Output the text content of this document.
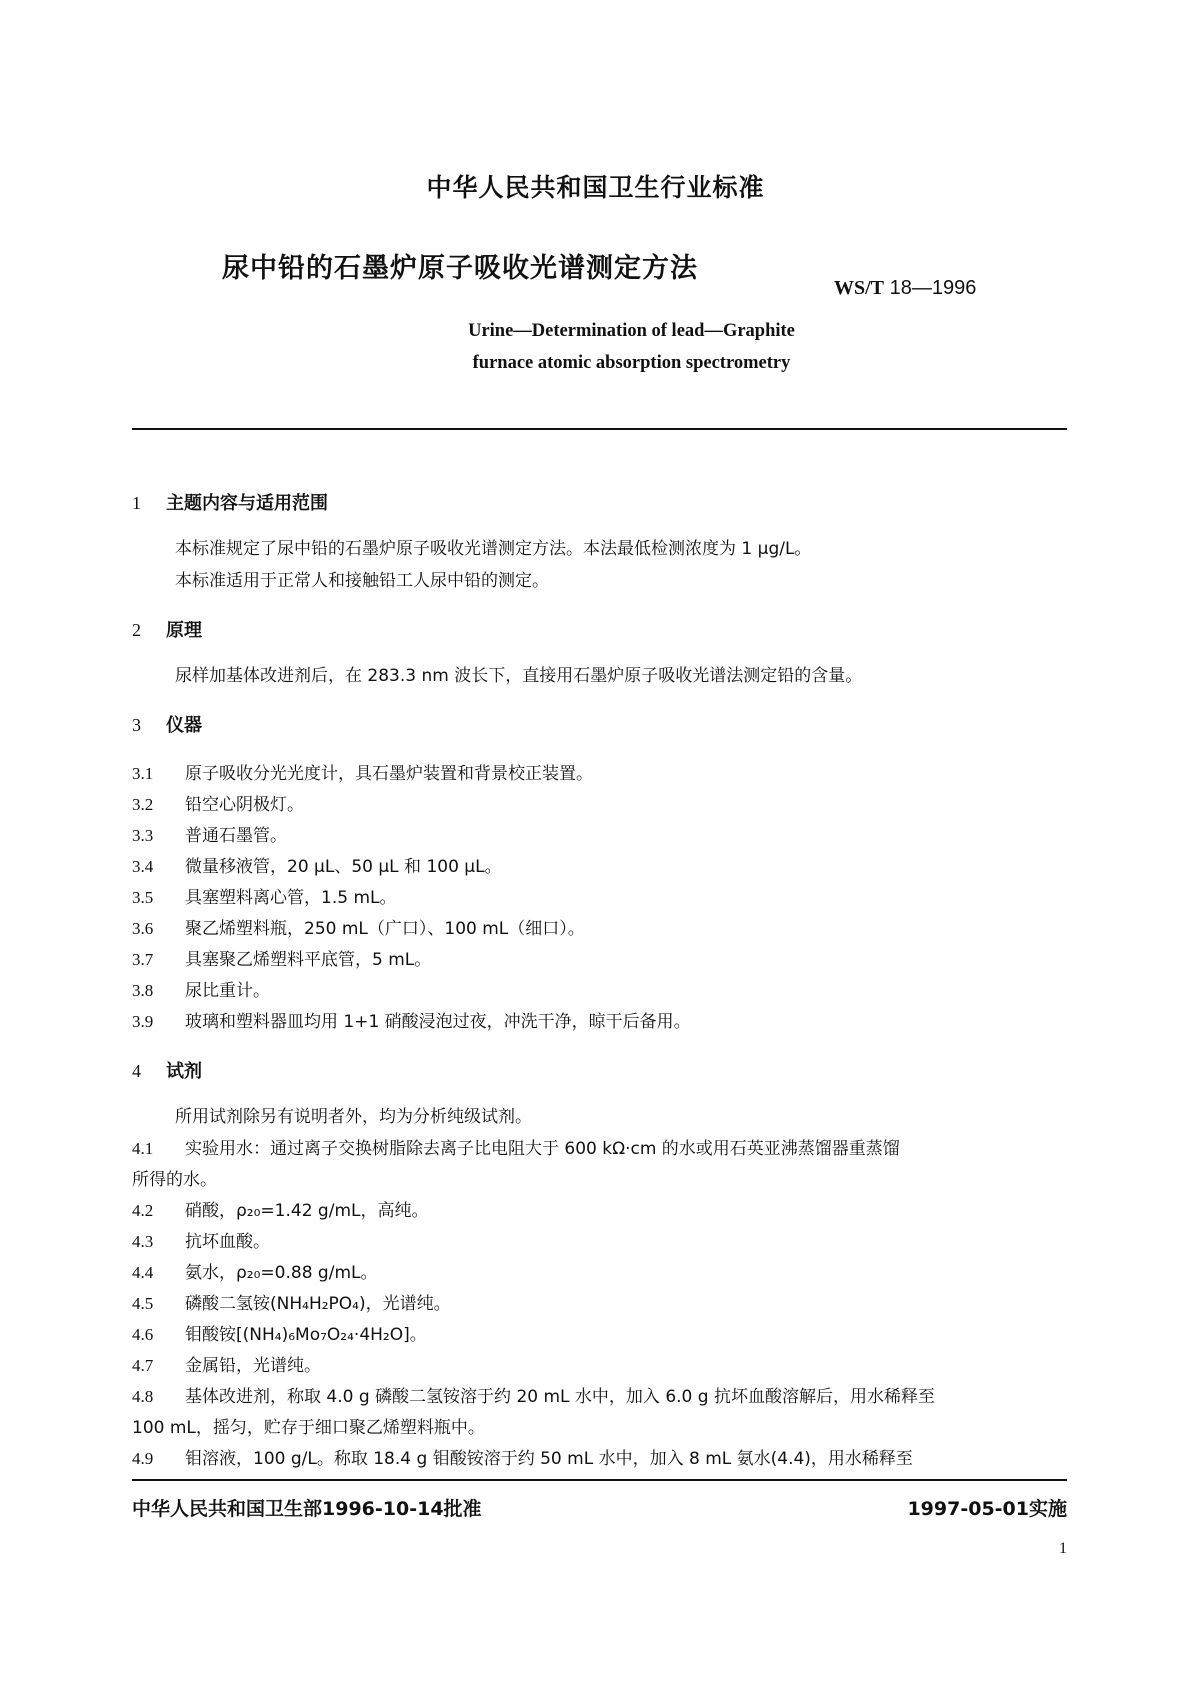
中华人民共和国卫生行业标准
尿中铅的石墨炉原子吸收光谱测定方法
WS/T 18—1996
Urine—Determination of lead—Graphite
furnace atomic absorption spectrometry
1 主题内容与适用范围
本标准规定了尿中铅的石墨炉原子吸收光谱测定方法。本法最低检测浓度为 1 μg/L。
本标准适用于正常人和接触铅工人尿中铅的测定。
2 原理
尿样加基体改进剂后，在 283.3 nm 波长下，直接用石墨炉原子吸收光谱法测定铅的含量。
3 仪器
3.1 原子吸收分光光度计，具石墨炉装置和背景校正装置。
3.2 铅空心阴极灯。
3.3 普通石墨管。
3.4 微量移液管，20 μL、50 μL 和 100 μL。
3.5 具塞塑料离心管，1.5 mL。
3.6 聚乙烯塑料瓶，250 mL（广口）、100 mL（细口）。
3.7 具塞聚乙烯塑料平底管，5 mL。
3.8 尿比重计。
3.9 玻璃和塑料器皿均用 1+1 硝酸浸泡过夜，冲洗干净，晾干后备用。
4 试剂
所用试剂除另有说明者外，均为分析纯级试剂。
4.1 实验用水：通过离子交换树脂除去离子比电阻大于 600 kΩ·cm 的水或用石英亚沸蒸馏器重蒸馏
所得的水。
4.2 硝酸，ρ₂₀=1.42 g/mL，高纯。
4.3 抗坏血酸。
4.4 氨水，ρ₂₀=0.88 g/mL。
4.5 磷酸二氢铵(NH₄H₂PO₄)，光谱纯。
4.6 钼酸铵[(NH₄)₆Mo₇O₂₄·4H₂O]。
4.7 金属铅，光谱纯。
4.8 基体改进剂，称取 4.0 g 磷酸二氢铵溶于约 20 mL 水中，加入 6.0 g 抗坏血酸溶解后，用水稀释至
100 mL，摇匀，贮存于细口聚乙烯塑料瓶中。
4.9 钼溶液，100 g/L。称取 18.4 g 钼酸铵溶于约 50 mL 水中，加入 8 mL 氨水(4.4)，用水稀释至
中华人民共和国卫生部1996-10-14批准	1997-05-01实施
1
